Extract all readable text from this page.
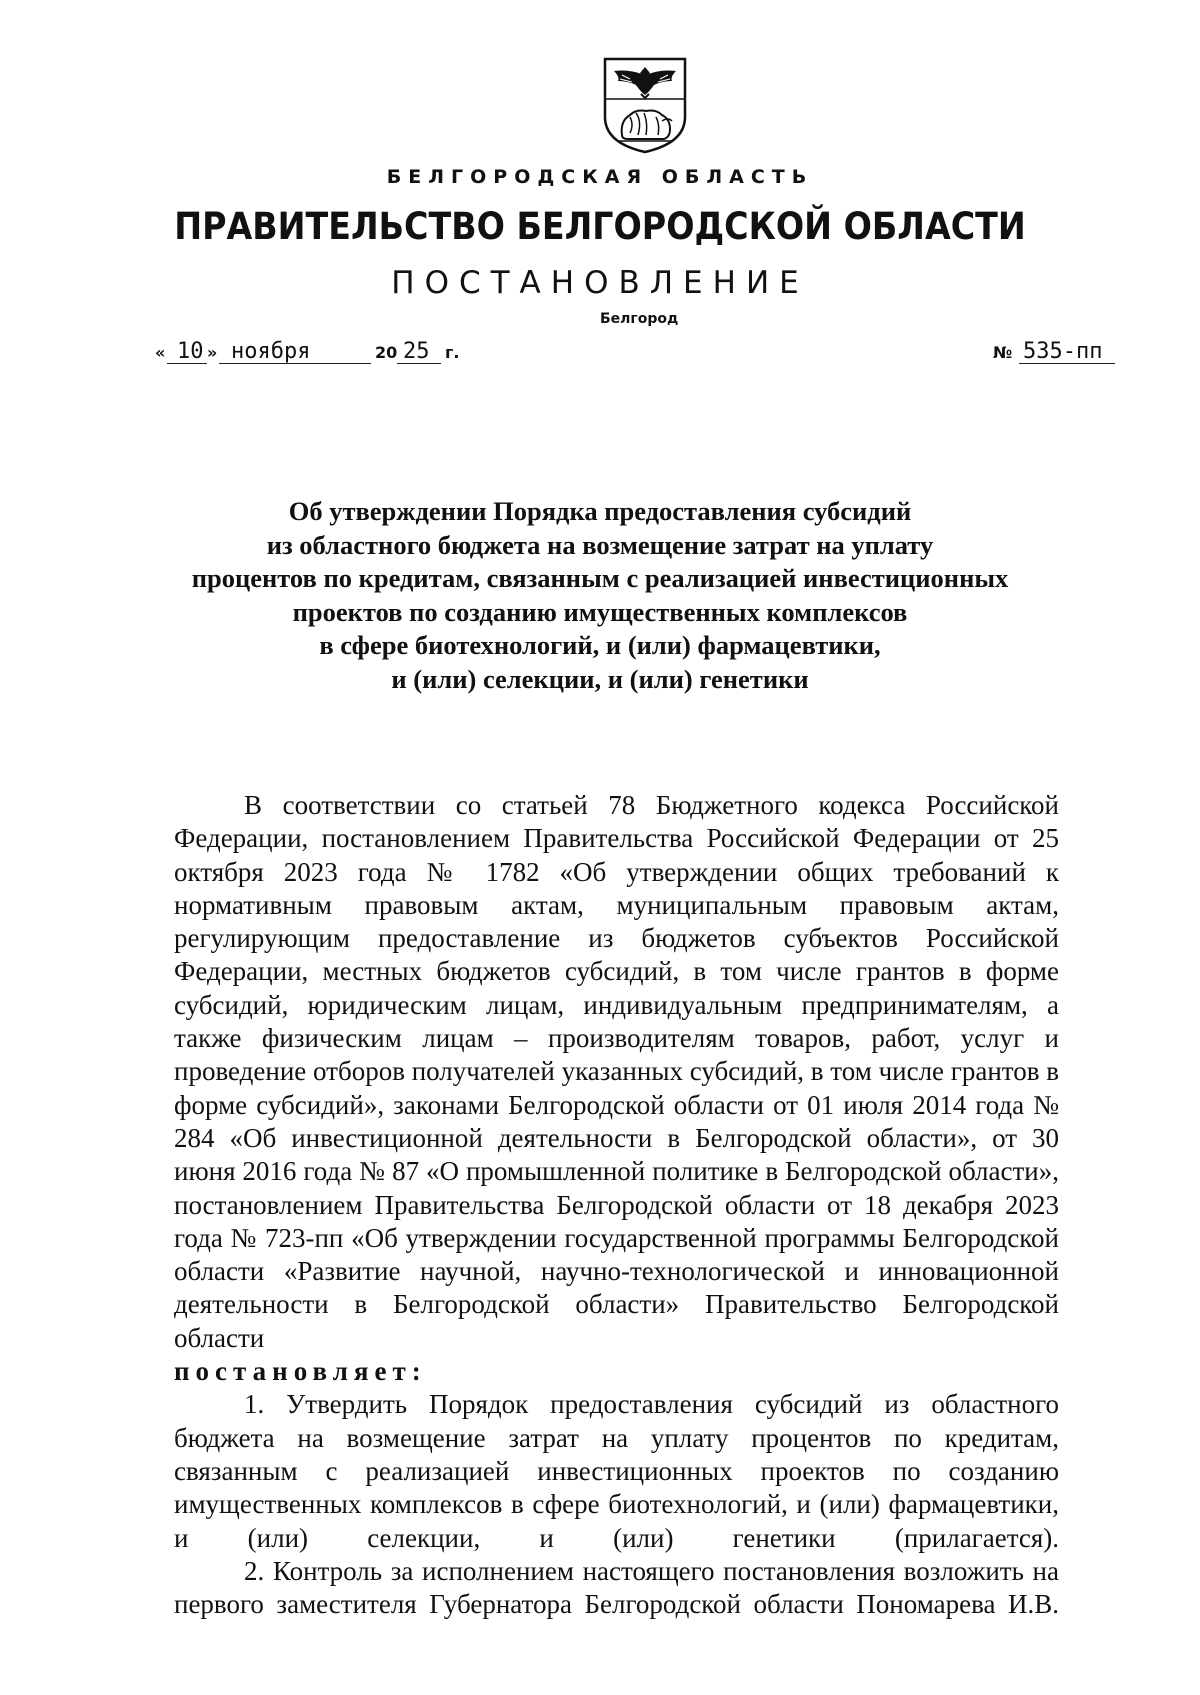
БЕЛГОРОДСКАЯ ОБЛАСТЬ
ПРАВИТЕЛЬСТВО БЕЛГОРОДСКОЙ ОБЛАСТИ
ПОСТАНОВЛЕНИЕ
Белгород
« 10 » ноября	20 25 г.	№ 535-пп
Об утверждении Порядка предоставления субсидий
из областного бюджета на возмещение затрат на уплату
процентов по кредитам, связанным с реализацией инвестиционных
проектов по созданию имущественных комплексов
в сфере биотехнологий, и (или) фармацевтики,
и (или) селекции, и (или) генетики

В соответствии со статьей 78 Бюджетного кодекса Российской Федерации, постановлением Правительства Российской Федерации от 25 октября 2023 года № 1782 «Об утверждении общих требований к нормативным правовым актам, муниципальным правовым актам, регулирующим предоставление из бюджетов субъектов Российской Федерации, местных бюджетов субсидий, в том числе грантов в форме субсидий, юридическим лицам, индивидуальным предпринимателям, а также физическим лицам – производителям товаров, работ, услуг и проведение отборов получателей указанных субсидий, в том числе грантов в форме субсидий», законами Белгородской области от 01 июля 2014 года № 284 «Об инвестиционной деятельности в Белгородской области», от 30 июня 2016 года № 87 «О промышленной политике в Белгородской области», постановлением Правительства Белгородской области от 18 декабря 2023 года № 723-пп «Об утверждении государственной программы Белгородской области «Развитие научной, научно-технологической и инновационной деятельности в Белгородской области» Правительство Белгородской области

постановляет:

1. Утвердить Порядок предоставления субсидий из областного бюджета на возмещение затрат на уплату процентов по кредитам, связанным с реализацией инвестиционных проектов по созданию имущественных комплексов в сфере биотехнологий, и (или) фармацевтики, и (или) селекции, и (или) генетики (прилагается).

2. Контроль за исполнением настоящего постановления возложить на первого заместителя Губернатора Белгородской области Пономарева И.В.
